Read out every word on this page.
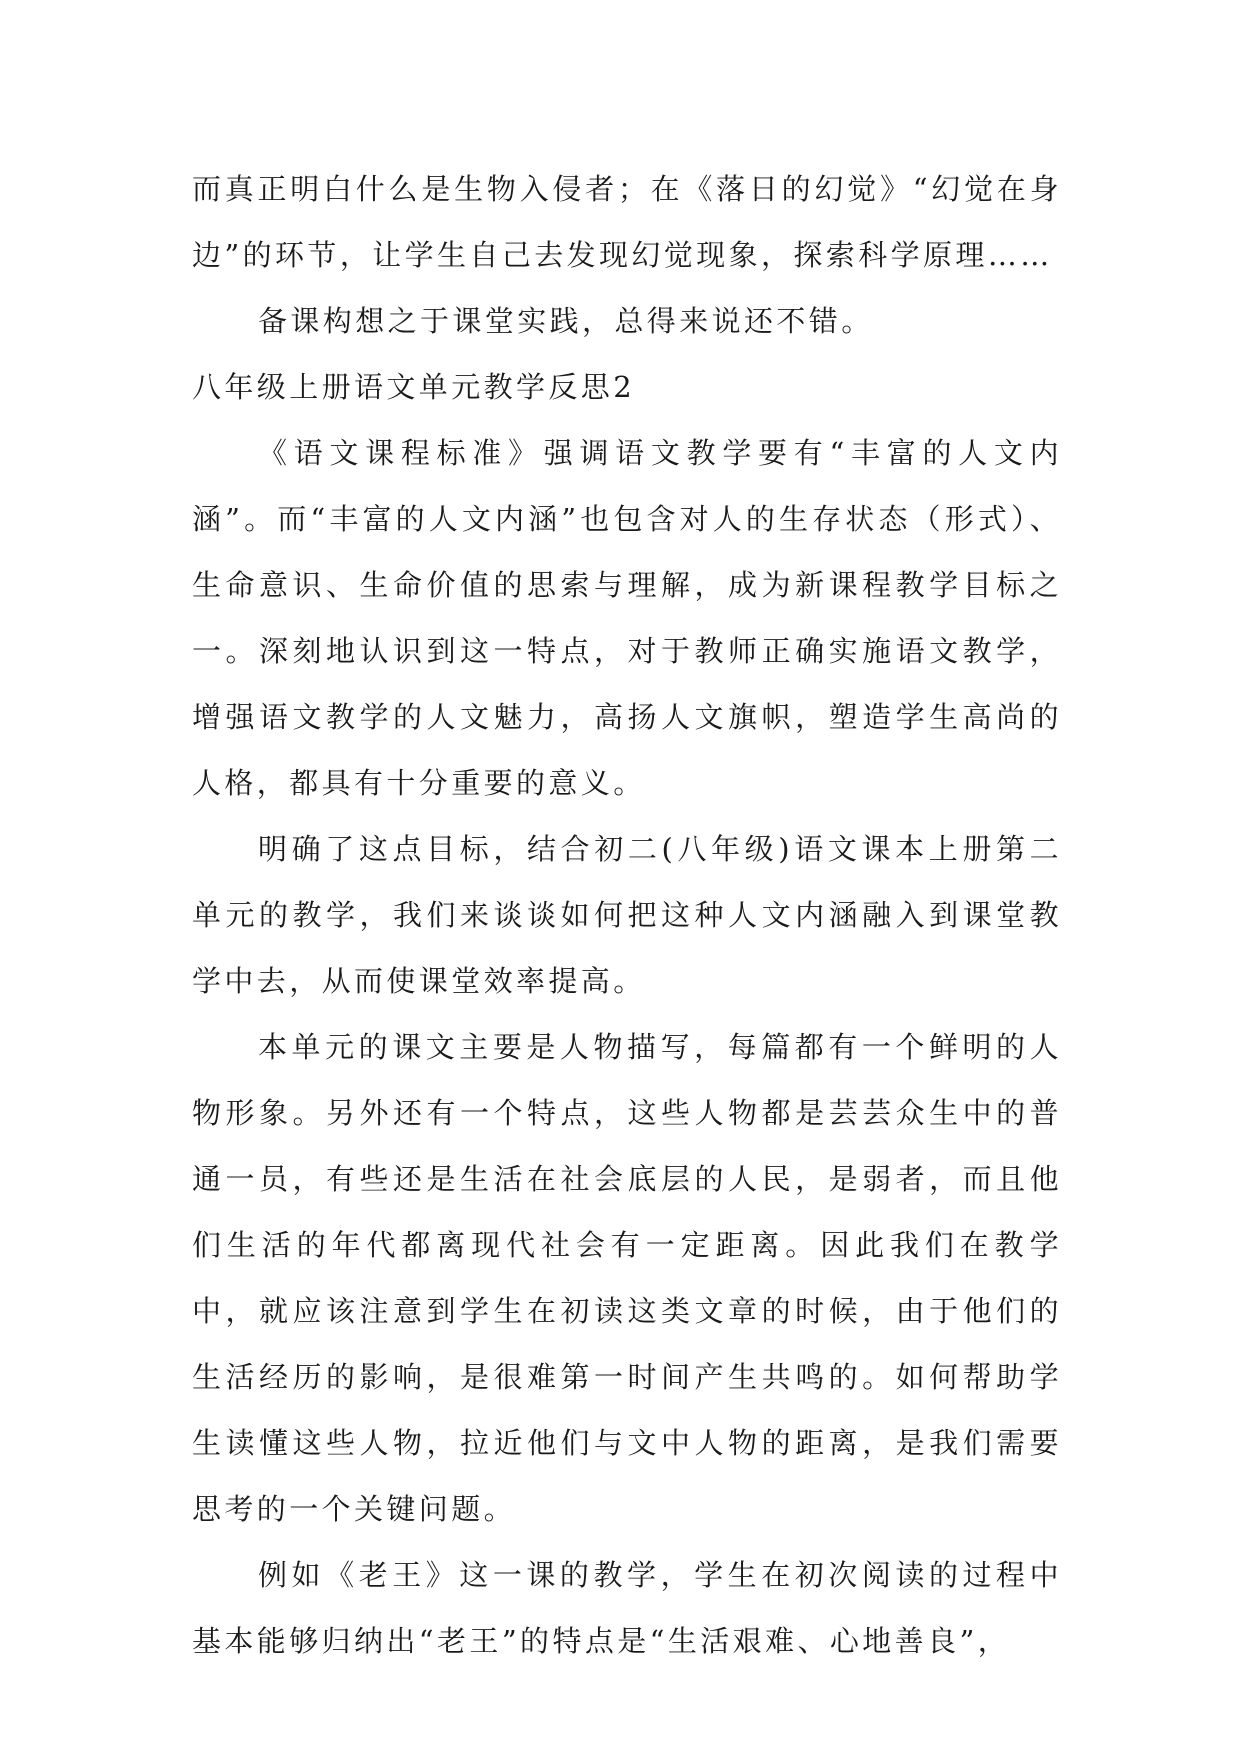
而真正明白什么是生物入侵者；在《落日的幻觉》“幻觉在身边”的环节，让学生自己去发现幻觉现象，探索科学原理……

备课构想之于课堂实践，总得来说还不错。

八年级上册语文单元教学反思2

《语文课程标准》强调语文教学要有“丰富的人文内涵”。而“丰富的人文内涵”也包含对人的生存状态（形式）、生命意识、生命价值的思索与理解，成为新课程教学目标之一。深刻地认识到这一特点，对于教师正确实施语文教学，增强语文教学的人文魅力，高扬人文旗帜，塑造学生高尚的人格，都具有十分重要的意义。

明确了这点目标，结合初二(八年级)语文课本上册第二单元的教学，我们来谈谈如何把这种人文内涵融入到课堂教学中去，从而使课堂效率提高。

本单元的课文主要是人物描写，每篇都有一个鲜明的人物形象。另外还有一个特点，这些人物都是芸芸众生中的普通一员，有些还是生活在社会底层的人民，是弱者，而且他们生活的年代都离现代社会有一定距离。因此我们在教学中，就应该注意到学生在初读这类文章的时候，由于他们的生活经历的影响，是很难第一时间产生共鸣的。如何帮助学生读懂这些人物，拉近他们与文中人物的距离，是我们需要思考的一个关键问题。

例如《老王》这一课的教学，学生在初次阅读的过程中基本能够归纳出“老王”的特点是“生活艰难、心地善良”，
